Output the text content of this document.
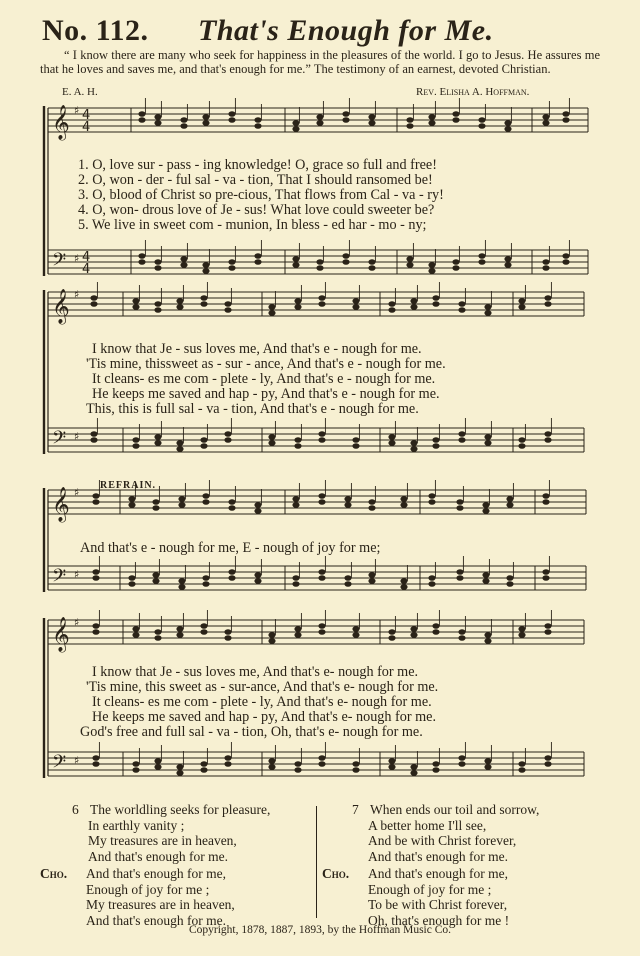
No. 112. That's Enough for Me.
“ I know there are many who seek for happiness in the pleasures of the world. I go to Jesus. He assures me that he loves and saves me, and that's enough for me.” The testimony of an earnest, devoted Christian.
E. A. H.	Rev. Elisha A. Hoffman.
𝄞
𝄢
♯
♯
4
4
4
4
𝄞
𝄢
♯
♯
𝄞
𝄢
♯
♯
𝄞
𝄢
♯
♯
1. O, love sur - pass - ing knowledge! O, grace so full and free!
2. O, won - der - ful sal - va - tion, That I should ransomed be!
3. O, blood of Christ so pre-cious, That flows from Cal - va - ry!
4. O, won- drous love of Je - sus! What love could sweeter be?
5. We live in sweet com - munion, In bless - ed har - mo - ny;
I know that Je - sus loves me, And that's e - nough for me.
'Tis mine, thissweet as - sur - ance, And that's e - nough for me.
It cleans- es me com - plete - ly, And that's e - nough for me.
He keeps me saved and hap - py, And that's e - nough for me.
This, this is full sal - va - tion, And that's e - nough for me.
REFRAIN.
And that's e - nough for me, E - nough of joy for me;
I know that Je - sus loves me, And that's e- nough for me.
'Tis mine, this sweet as - sur-ance, And that's e- nough for me.
It cleans- es me com - plete - ly, And that's e- nough for me.
He keeps me saved and hap - py, And that's e- nough for me.
God's free and full sal - va - tion, Oh, that's e- nough for me.
6 The worldling seeks for pleasure,
In earthly vanity ;
My treasures are in heaven,
And that's enough for me.
Cho. And that's enough for me,
Enough of joy for me ;
My treasures are in heaven,
And that's enough for me.
7 When ends our toil and sorrow,
A better home I'll see,
And be with Christ forever,
And that's enough for me.
Cho. And that's enough for me,
Enough of joy for me ;
To be with Christ forever,
Oh, that's enough for me !
Copyright, 1878, 1887, 1893, by the Hoffman Music Co.
